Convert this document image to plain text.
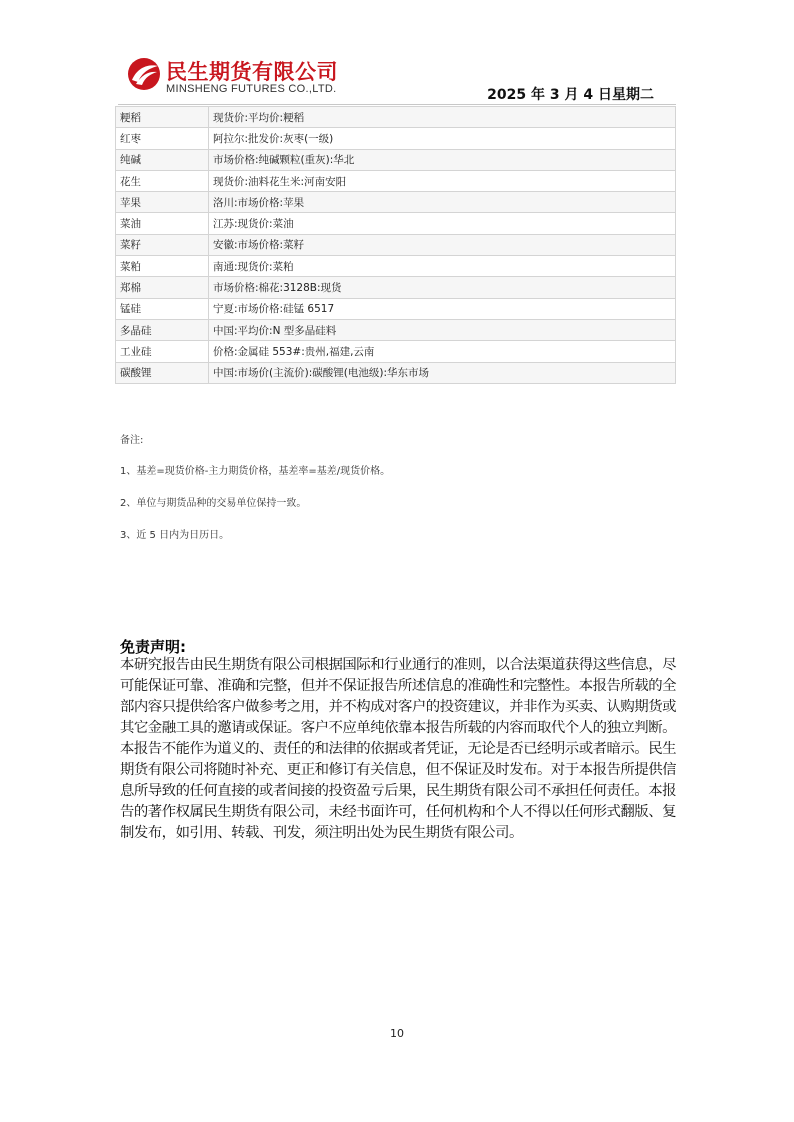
民生期货有限公司
MINSHENG FUTURES CO.,LTD.	2025 年 3 月 4 日星期二
粳稻	现货价:平均价:粳稻
红枣	阿拉尔:批发价:灰枣(一级)
纯碱	市场价格:纯碱颗粒(重灰):华北
花生	现货价:油料花生米:河南安阳
苹果	洛川:市场价格:苹果
菜油	江苏:现货价:菜油
菜籽	安徽:市场价格:菜籽
菜粕	南通:现货价:菜粕
郑棉	市场价格:棉花:3128B:现货
锰硅	宁夏:市场价格:硅锰 6517
多晶硅	中国:平均价:N 型多晶硅料
工业硅	价格:金属硅 553#:贵州,福建,云南
碳酸锂	中国:市场价(主流价):碳酸锂(电池级):华东市场
备注:
1、基差=现货价格-主力期货价格，基差率=基差/现货价格。
2、单位与期货品种的交易单位保持一致。
3、近 5 日内为日历日。
免责声明:
本研究报告由民生期货有限公司根据国际和行业通行的准则，以合法渠道获得这些信息，尽可能保证可靠、准确和完整，但并不保证报告所述信息的准确性和完整性。本报告所载的全部内容只提供给客户做参考之用，并不构成对客户的投资建议，并非作为买卖、认购期货或其它金融工具的邀请或保证。客户不应单纯依靠本报告所载的内容而取代个人的独立判断。本报告不能作为道义的、责任的和法律的依据或者凭证，无论是否已经明示或者暗示。民生期货有限公司将随时补充、更正和修订有关信息，但不保证及时发布。对于本报告所提供信息所导致的任何直接的或者间接的投资盈亏后果，民生期货有限公司不承担任何责任。本报告的著作权属民生期货有限公司，未经书面许可，任何机构和个人不得以任何形式翻版、复制发布，如引用、转载、刊发，须注明出处为民生期货有限公司。
10
